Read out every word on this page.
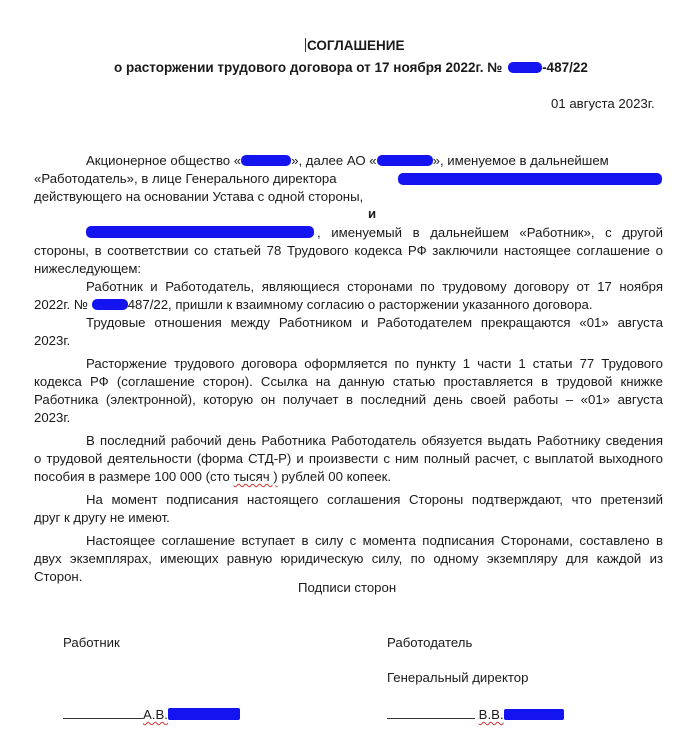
СОГЛАШЕНИЕ
о расторжении трудового договора от 17 ноября 2022г. №	-487/22
01 августа 2023г.
Акционерное общество «	», далее АО «	», именуемое в дальнейшем
«Работодатель», в лице Генерального директора
действующего на основании Устава с одной стороны,
и
, именуемый в дальнейшем «Работник», с другой
стороны, в соответствии со статьей 78 Трудового кодекса РФ заключили настоящее соглашение о
нижеследующем:
Работник и Работодатель, являющиеся сторонами по трудовому договору от 17 ноября
2022г. №	487/22, пришли к взаимному согласию о расторжении указанного договора.
Трудовые отношения между Работником и Работодателем прекращаются «01» августа
2023г.
Расторжение трудового договора оформляется по пункту 1 части 1 статьи 77 Трудового
кодекса РФ (соглашение сторон). Ссылка на данную статью проставляется в трудовой книжке
Работника (электронной), которую он получает в последний день своей работы – «01» августа
2023г.
В последний рабочий день Работника Работодатель обязуется выдать Работнику сведения
о трудовой деятельности (форма СТД-Р) и произвести с ним полный расчет, с выплатой выходного
пособия в размере 100 000 (сто тысяч ) рублей 00 копеек.
На момент подписания настоящего соглашения Стороны подтверждают, что претензий
друг к другу не имеют.
Настоящее соглашение вступает в силу с момента подписания Сторонами, составлено в
двух экземплярах, имеющих равную юридическую силу, по одному экземпляру для каждой из
Сторон.
Подписи сторон
Работник	Работодатель
Генеральный директор
А.В.	В.В.
